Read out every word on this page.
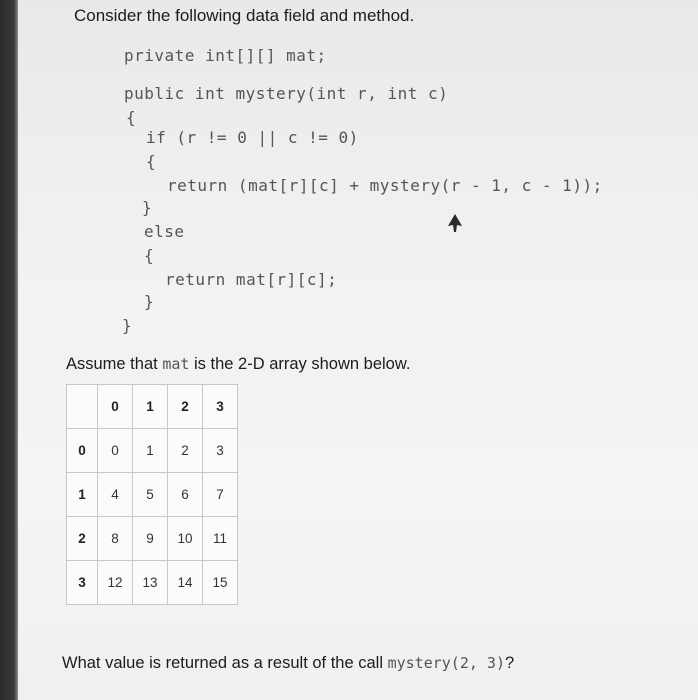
Consider the following data field and method.
private int[][] mat;
public int mystery(int r, int c)
{
if (r != 0 || c != 0)
{
return (mat[r][c] + mystery(r - 1, c - 1));
}
else
{
return mat[r][c];
}
}
Assume that mat is the 2-D array shown below.
	0	1	2	3
0	0	1	2	3
1	4	5	6	7
2	8	9	10	11
3	12	13	14	15
What value is returned as a result of the call mystery(2, 3)?
